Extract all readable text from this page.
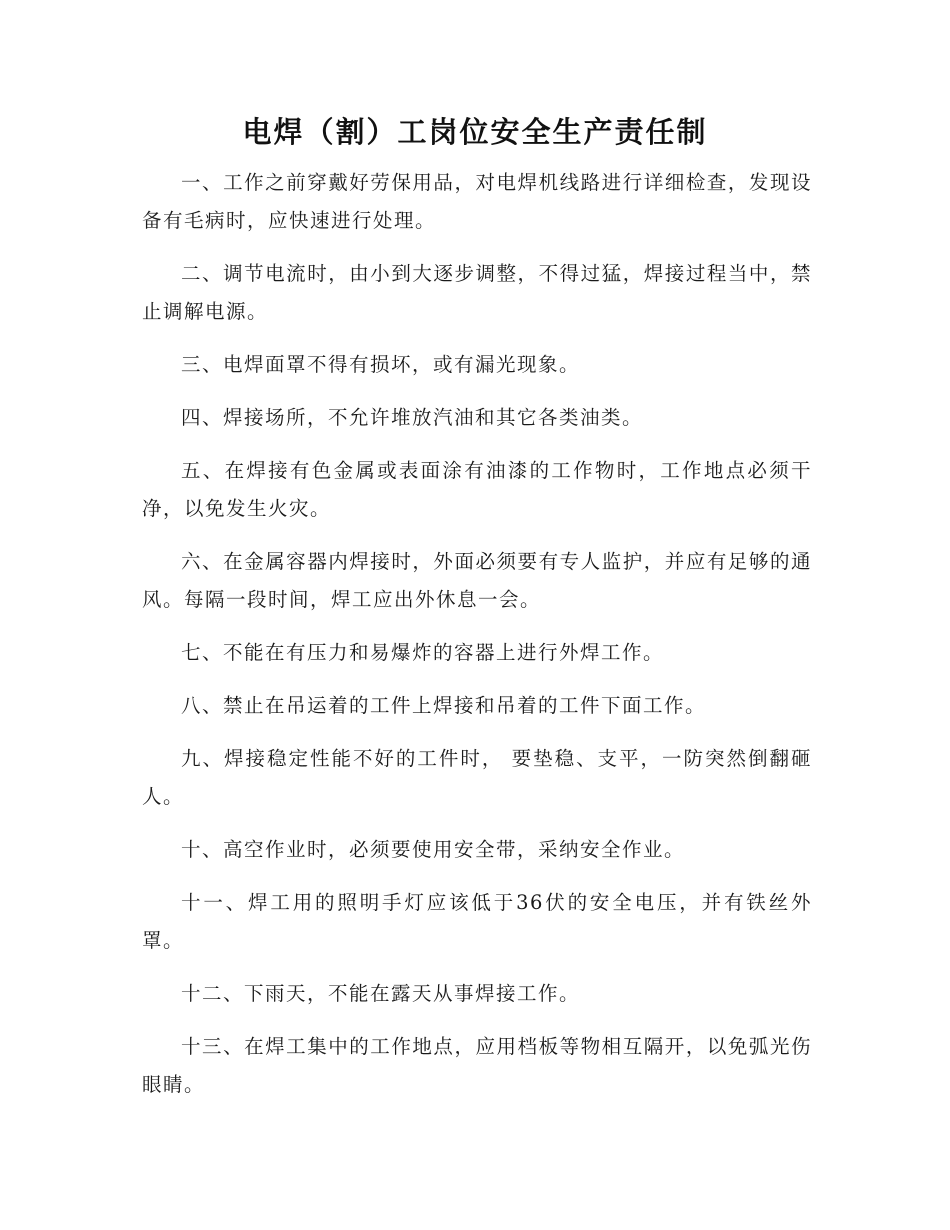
电焊（割）工岗位安全生产责任制

一、工作之前穿戴好劳保用品，对电焊机线路进行详细检查，发现设备有毛病时，应快速进行处理。

二、调节电流时，由小到大逐步调整，不得过猛，焊接过程当中，禁止调解电源。

三、电焊面罩不得有损坏，或有漏光现象。

四、焊接场所，不允许堆放汽油和其它各类油类。

五、在焊接有色金属或表面涂有油漆的工作物时，工作地点必须干净，以免发生火灾。

六、在金属容器内焊接时，外面必须要有专人监护，并应有足够的通风。每隔一段时间，焊工应出外休息一会。

七、不能在有压力和易爆炸的容器上进行外焊工作。

八、禁止在吊运着的工件上焊接和吊着的工件下面工作。

九、焊接稳定性能不好的工件时， 要垫稳、支平，一防突然倒翻砸人。

十、高空作业时，必须要使用安全带，采纳安全作业。

十一、焊工用的照明手灯应该低于36伏的安全电压，并有铁丝外罩。

十二、下雨天，不能在露天从事焊接工作。

十三、在焊工集中的工作地点，应用档板等物相互隔开，以免弧光伤眼睛。
